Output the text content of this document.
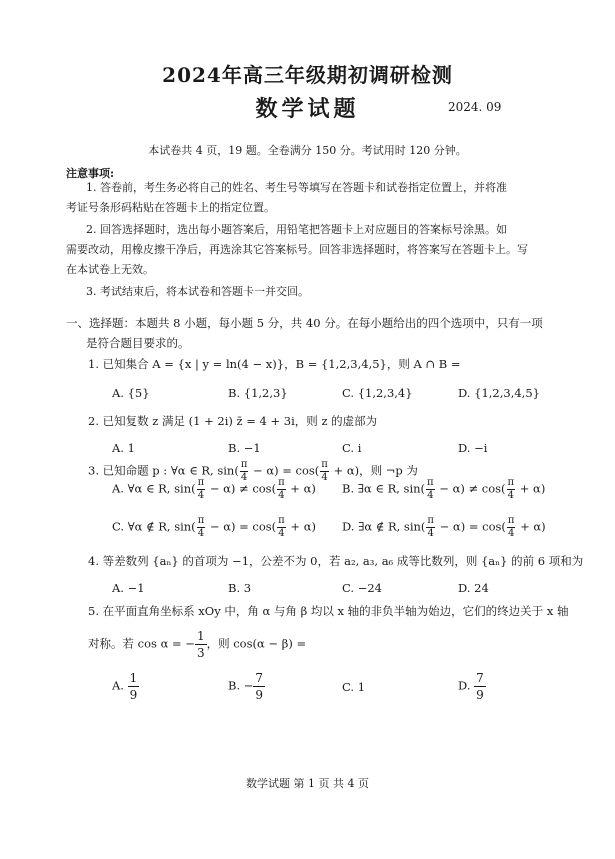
2024年高三年级期初调研检测
数学试题	2024. 09
本试卷共 4 页，19 题。全卷满分 150 分。考试用时 120 分钟。
注意事项:
1. 答卷前，考生务必将自己的姓名、考生号等填写在答题卡和试卷指定位置上，并将准
考证号条形码粘贴在答题卡上的指定位置。
2. 回答选择题时，选出每小题答案后，用铅笔把答题卡上对应题目的答案标号涂黑。如
需要改动，用橡皮擦干净后，再选涂其它答案标号。回答非选择题时，将答案写在答题卡上。写
在本试卷上无效。
3. 考试结束后，将本试卷和答题卡一并交回。
一、选择题：本题共 8 小题，每小题 5 分，共 40 分。在每小题给出的四个选项中，只有一项
是符合题目要求的。
1. 已知集合 A = {x | y = ln(4 − x)}，B = {1,2,3,4,5}，则 A ∩ B =
A. {5}	B. {1,2,3}	C. {1,2,3,4}	D. {1,2,3,4,5}
2. 已知复数 z 满足 (1 + 2i) z̄ = 4 + 3i，则 z 的虚部为
A. 1	B. −1	C. i	D. −i
3. 已知命题 p : ∀α ∈ R, $\sin( \frac{\pi}{4} - \alpha) = \cos( \frac{\pi}{4} + \alpha)$，则 ¬p 为
A. ∀α ∈ R, $\sin( \frac{\pi}{4} - \alpha) \ne \cos( \frac{\pi}{4} + \alpha)$ B. ∃α ∈ R, $\sin( \frac{\pi}{4} - \alpha) \ne \cos( \frac{\pi}{4} + \alpha)$
C. ∀α ∉ R, $\sin( \frac{\pi}{4} - \alpha) = \cos( \frac{\pi}{4} + \alpha)$ D. ∃α ∉ R, $\sin( \frac{\pi}{4} - \alpha) = \cos( \frac{\pi}{4} + \alpha)$
4. 等差数列 {aₙ} 的首项为 −1，公差不为 0，若 a₂, a₃, a₆ 成等比数列，则 {aₙ} 的前 6 项和为
A. −1	B. 3	C. −24	D. 24
5. 在平面直角坐标系 xOy 中，角 α 与角 β 均以 x 轴的非负半轴为始边，它们的终边关于 x 轴
对称。若 cos α = − $\frac{1}{3}$ ，则 cos(α − β) =
A. $\frac{1}{9}$	B. − $\frac{7}{9}$	C. 1	D. $\frac{7}{9}$
数学试题 第 1 页 共 4 页
